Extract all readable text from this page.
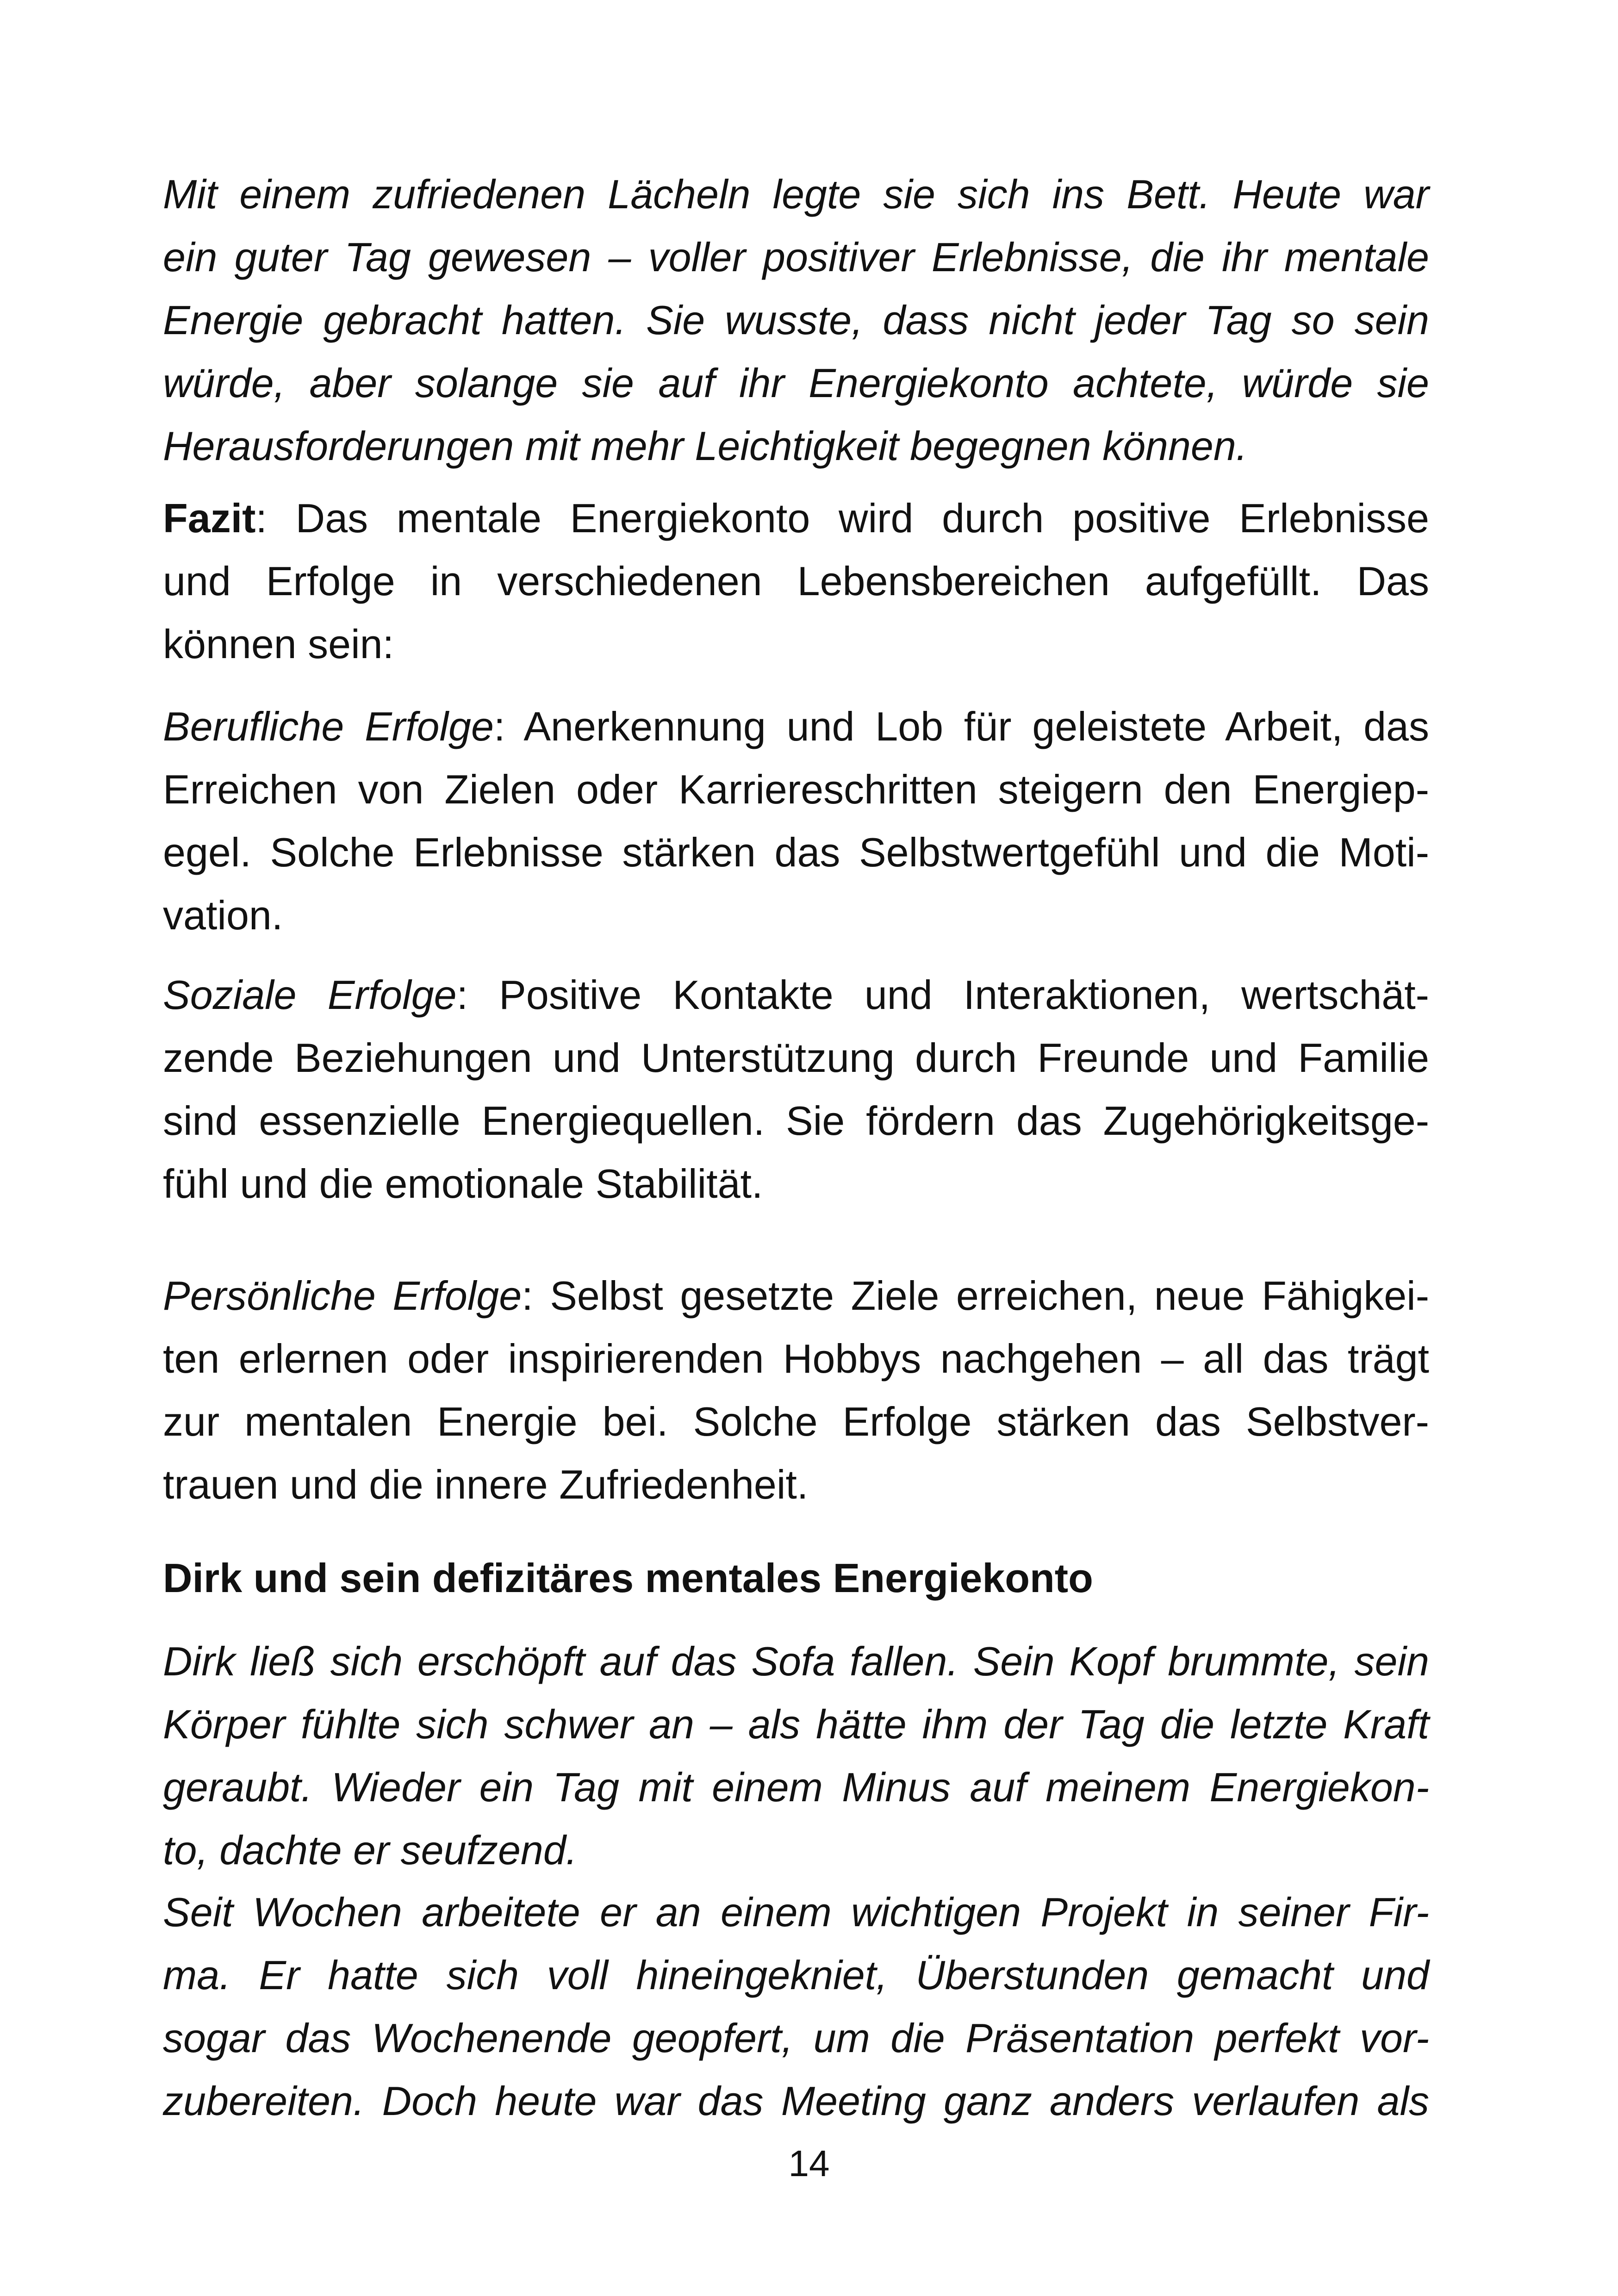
Mit einem zufriedenen Lächeln legte sie sich ins Bett. Heute war
ein guter Tag gewesen – voller positiver Erlebnisse, die ihr mentale
Energie gebracht hatten. Sie wusste, dass nicht jeder Tag so sein
würde, aber solange sie auf ihr Energiekonto achtete, würde sie
Herausforderungen mit mehr Leichtigkeit begegnen können.
Fazit: Das mentale Energiekonto wird durch positive Erlebnisse
und Erfolge in verschiedenen Lebensbereichen aufgefüllt. Das
können sein:
Berufliche Erfolge: Anerkennung und Lob für geleistete Arbeit, das
Erreichen von Zielen oder Karriereschritten steigern den Energiep-
egel. Solche Erlebnisse stärken das Selbstwertgefühl und die Moti-
vation.
Soziale Erfolge: Positive Kontakte und Interaktionen, wertschät-
zende Beziehungen und Unterstützung durch Freunde und Familie
sind essenzielle Energiequellen. Sie fördern das Zugehörigkeitsge-
fühl und die emotionale Stabilität.
Persönliche Erfolge: Selbst gesetzte Ziele erreichen, neue Fähigkei-
ten erlernen oder inspirierenden Hobbys nachgehen – all das trägt
zur mentalen Energie bei. Solche Erfolge stärken das Selbstver-
trauen und die innere Zufriedenheit.
Dirk und sein defizitäres mentales Energiekonto
Dirk ließ sich erschöpft auf das Sofa fallen. Sein Kopf brummte, sein
Körper fühlte sich schwer an – als hätte ihm der Tag die letzte Kraft
geraubt. Wieder ein Tag mit einem Minus auf meinem Energiekon-
to, dachte er seufzend.
Seit Wochen arbeitete er an einem wichtigen Projekt in seiner Fir-
ma. Er hatte sich voll hineingekniet, Überstunden gemacht und
sogar das Wochenende geopfert, um die Präsentation perfekt vor-
zubereiten. Doch heute war das Meeting ganz anders verlaufen als
14
